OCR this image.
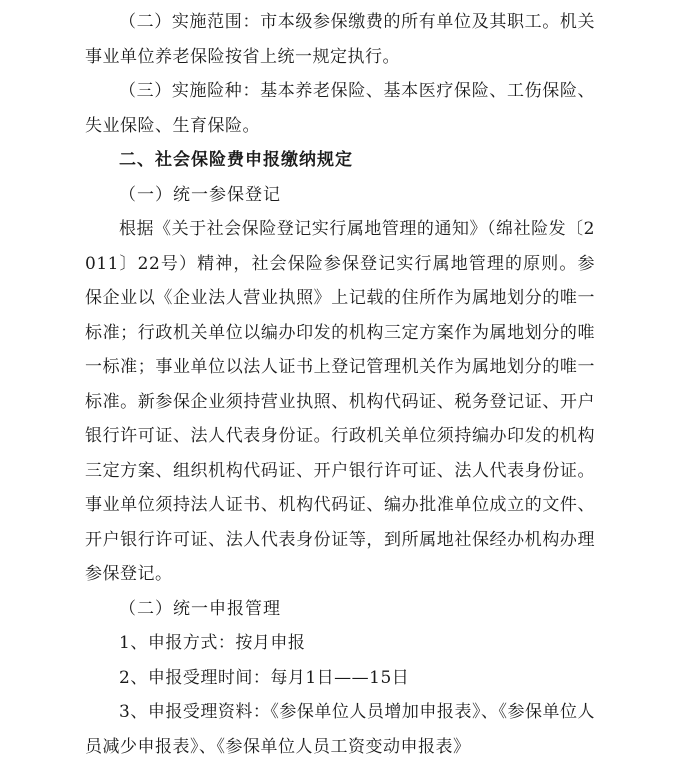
（二）实施范围：市本级参保缴费的所有单位及其职工。机关事业单位养老保险按省上统一规定执行。

（三）实施险种：基本养老保险、基本医疗保险、工伤保险、失业保险、生育保险。

二、社会保险费申报缴纳规定

（一）统一参保登记

根据《关于社会保险登记实行属地管理的通知》（绵社险发〔2011〕22号）精神，社会保险参保登记实行属地管理的原则。参保企业以《企业法人营业执照》上记载的住所作为属地划分的唯一标准；行政机关单位以编办印发的机构三定方案作为属地划分的唯一标准；事业单位以法人证书上登记管理机关作为属地划分的唯一标准。新参保企业须持营业执照、机构代码证、税务登记证、开户银行许可证、法人代表身份证。行政机关单位须持编办印发的机构三定方案、组织机构代码证、开户银行许可证、法人代表身份证。事业单位须持法人证书、机构代码证、编办批准单位成立的文件、开户银行许可证、法人代表身份证等，到所属地社保经办机构办理参保登记。

（二）统一申报管理

1、申报方式：按月申报

2、申报受理时间：每月1日——15日

3、申报受理资料：《参保单位人员增加申报表》、《参保单位人员减少申报表》、《参保单位人员工资变动申报表》
